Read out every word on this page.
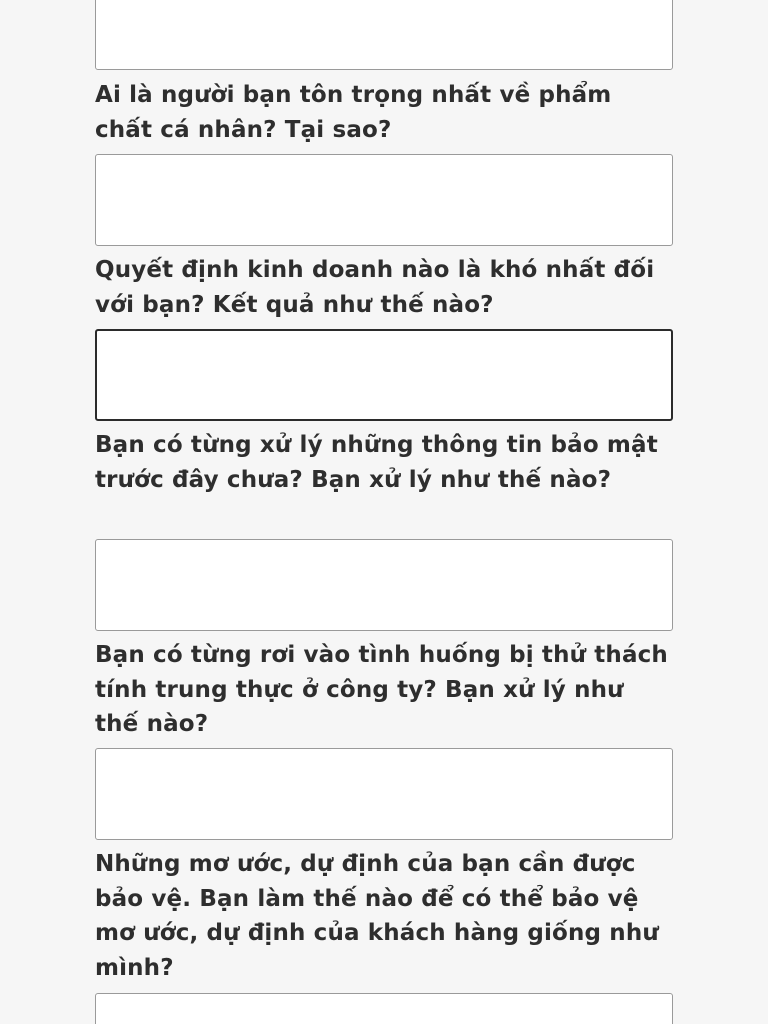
Ai là người bạn tôn trọng nhất về phẩm chất cá nhân? Tại sao?

Quyết định kinh doanh nào là khó nhất đối với bạn? Kết quả như thế nào?

Bạn có từng xử lý những thông tin bảo mật trước đây chưa? Bạn xử lý như thế nào?

Bạn có từng rơi vào tình huống bị thử thách tính trung thực ở công ty? Bạn xử lý như thế nào?

Những mơ ước, dự định của bạn cần được bảo vệ. Bạn làm thế nào để có thể bảo vệ mơ ước, dự định của khách hàng giống như mình?
